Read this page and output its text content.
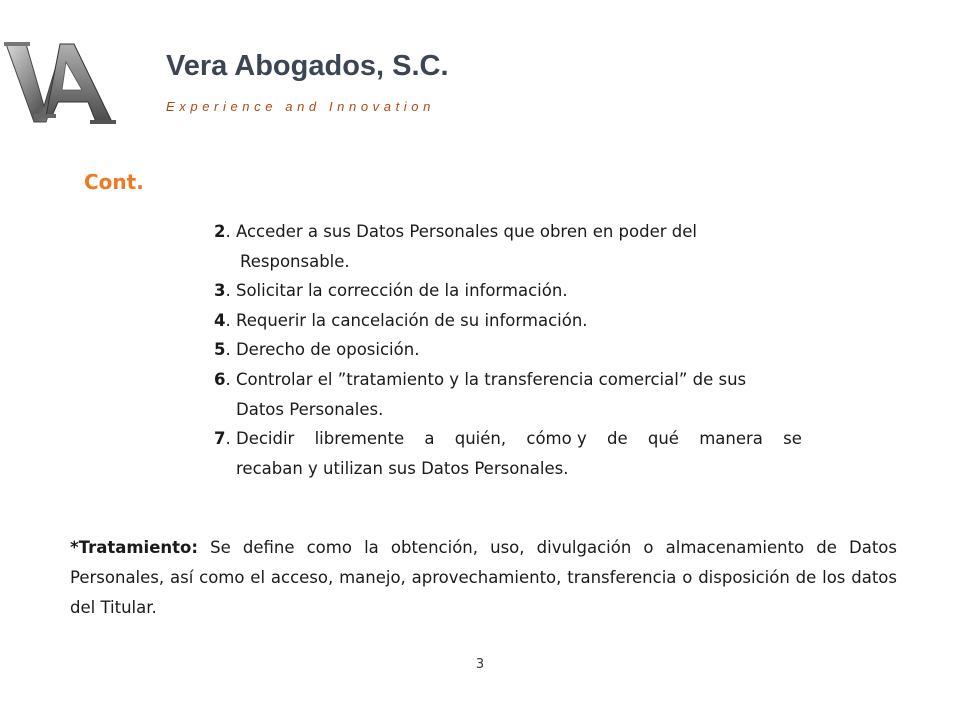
Vera Abogados, S.C.
Experience and Innovation
Cont.
2. Acceder a sus Datos Personales que obren en poder del
Responsable.
3. Solicitar la corrección de la información.
4. Requerir la cancelación de su información.
5. Derecho de oposición.
6. Controlar el ”tratamiento y la transferencia comercial” de sus
Datos Personales.
7. Decidir libremente a quién, cómo y de qué manera se
recaban y utilizan sus Datos Personales.
*Tratamiento: Se define como la obtención, uso, divulgación o almacenamiento de Datos Personales, así como el acceso, manejo, aprovechamiento, transferencia o disposición de los datos del Titular.
3
